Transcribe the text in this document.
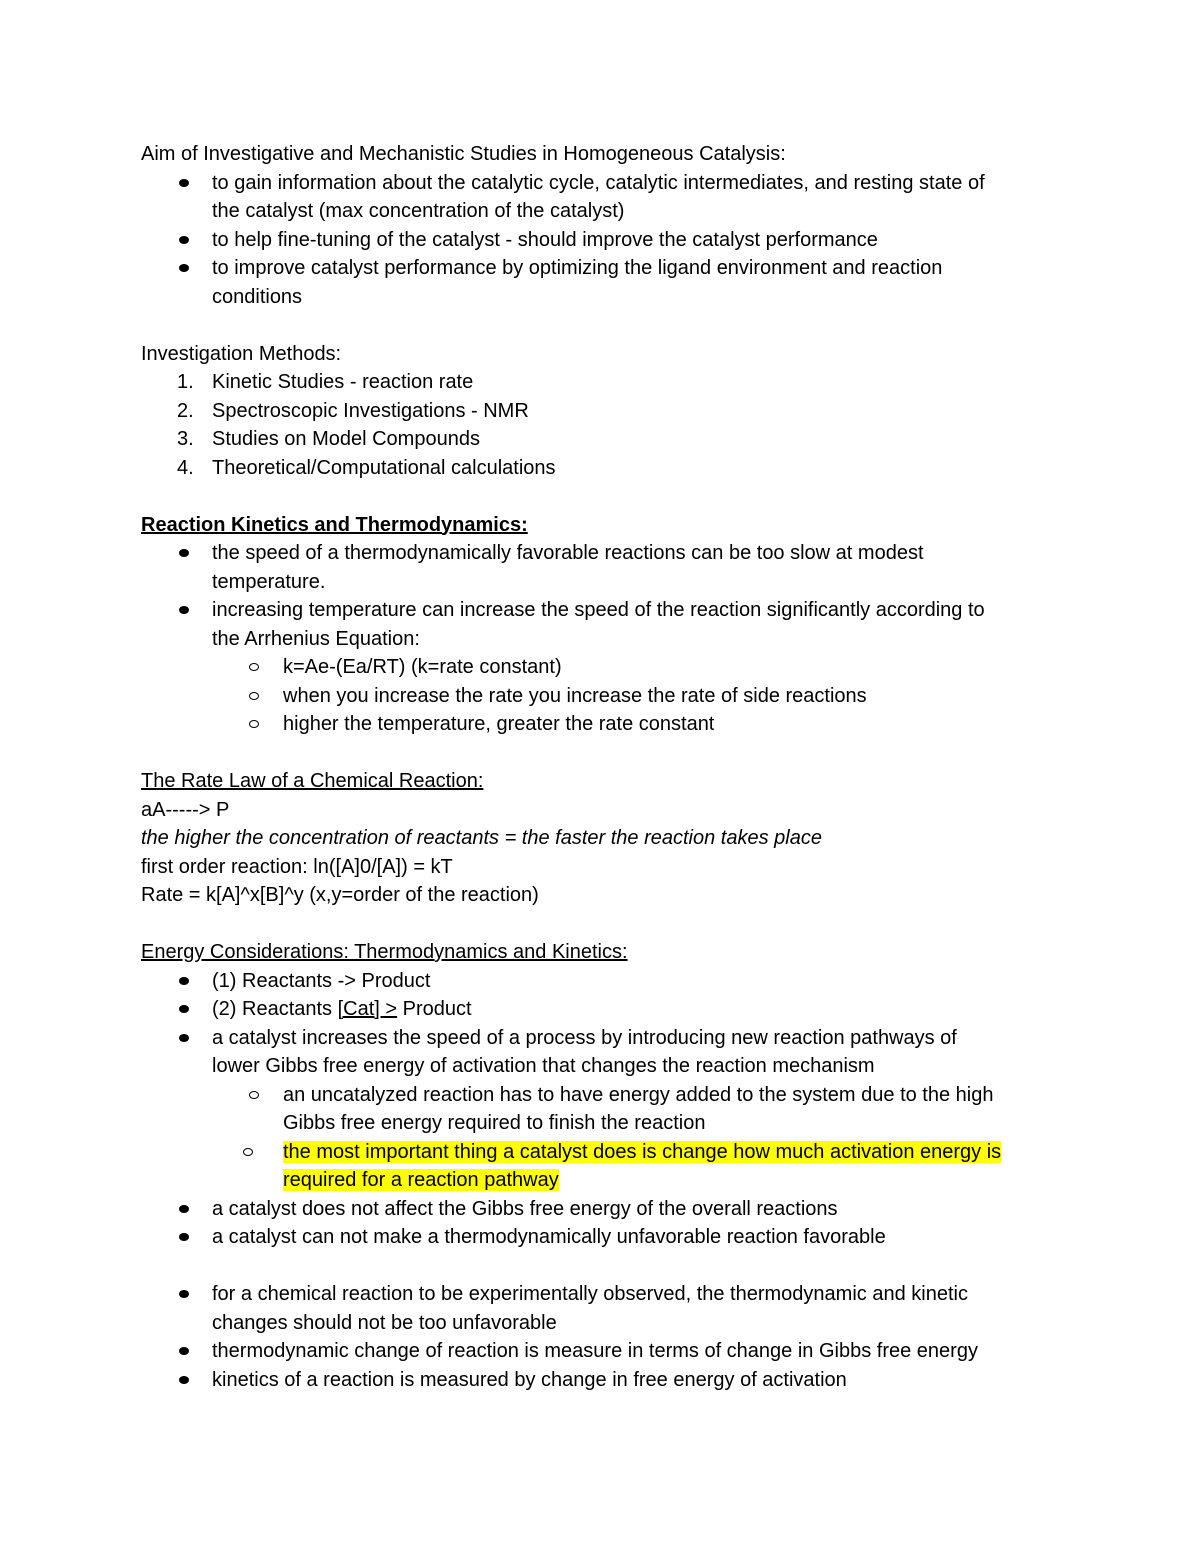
Aim of Investigative and Mechanistic Studies in Homogeneous Catalysis:

to gain information about the catalytic cycle, catalytic intermediates, and resting state of
the catalyst (max concentration of the catalyst)
to help fine-tuning of the catalyst - should improve the catalyst performance
to improve catalyst performance by optimizing the ligand environment and reaction
conditions

Investigation Methods:

1. Kinetic Studies - reaction rate
2. Spectroscopic Investigations - NMR
3. Studies on Model Compounds
4. Theoretical/Computational calculations

Reaction Kinetics and Thermodynamics:

the speed of a thermodynamically favorable reactions can be too slow at modest
temperature.
increasing temperature can increase the speed of the reaction significantly according to
the Arrhenius Equation:
k=Ae-(Ea/RT) (k=rate constant)
when you increase the rate you increase the rate of side reactions
higher the temperature, greater the rate constant

The Rate Law of a Chemical Reaction:

aA-----> P

the higher the concentration of reactants = the faster the reaction takes place

first order reaction: ln([A]0/[A]) = kT

Rate = k[A]^x[B]^y (x,y=order of the reaction)

Energy Considerations: Thermodynamics and Kinetics:

(1) Reactants -> Product
(2) Reactants [Cat] > Product
a catalyst increases the speed of a process by introducing new reaction pathways of
lower Gibbs free energy of activation that changes the reaction mechanism
an uncatalyzed reaction has to have energy added to the system due to the high
Gibbs free energy required to finish the reaction
the most important thing a catalyst does is change how much activation energy is
required for a reaction pathway
a catalyst does not affect the Gibbs free energy of the overall reactions
a catalyst can not make a thermodynamically unfavorable reaction favorable
for a chemical reaction to be experimentally observed, the thermodynamic and kinetic
changes should not be too unfavorable
thermodynamic change of reaction is measure in terms of change in Gibbs free energy
kinetics of a reaction is measured by change in free energy of activation
